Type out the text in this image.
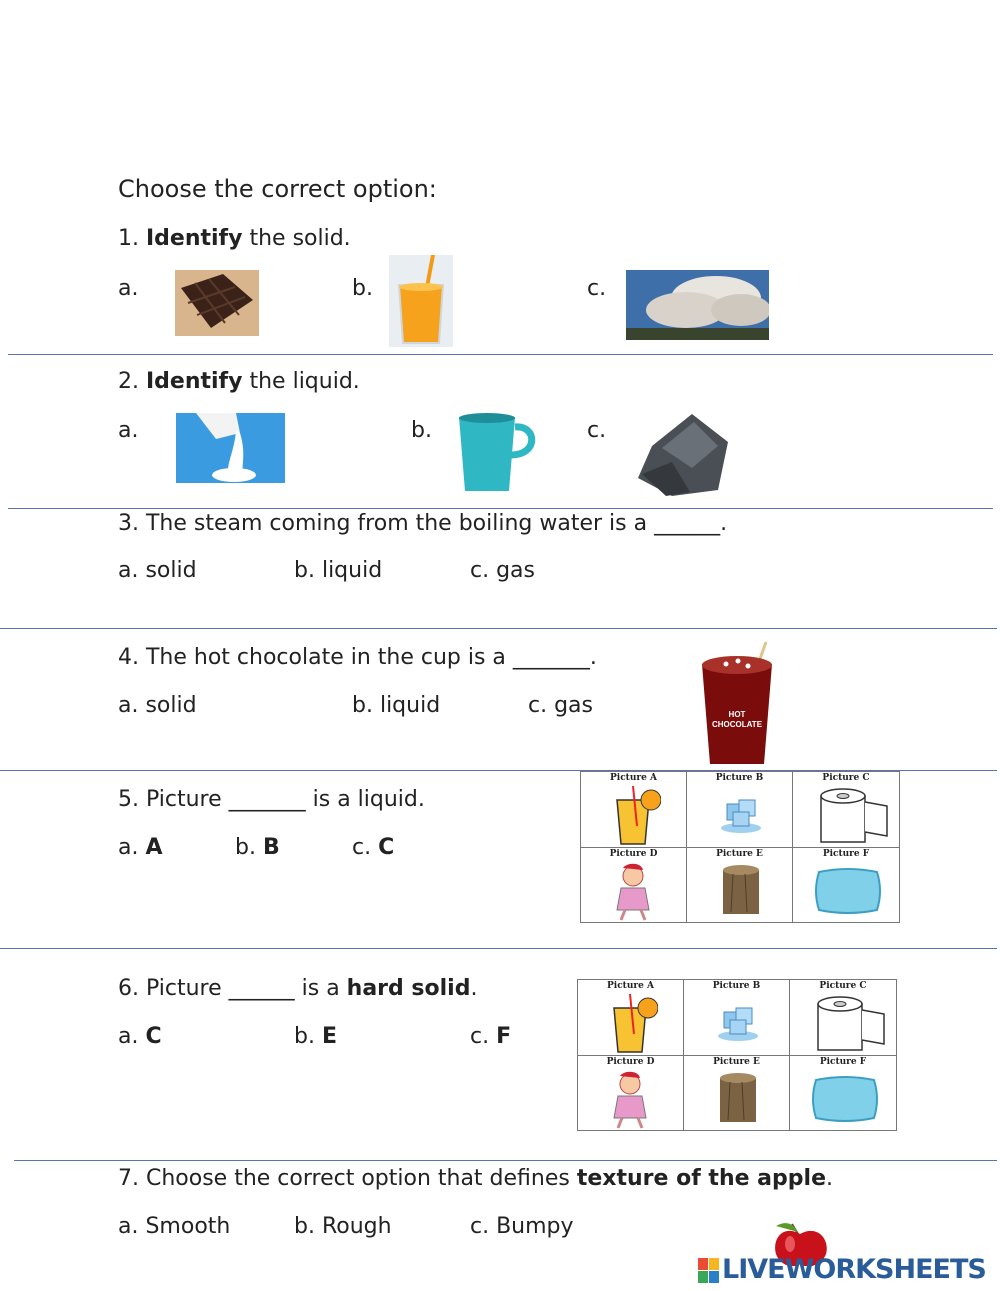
Choose the correct option:
1. Identify the solid.
a.	b.	c.
2. Identify the liquid.
a.	b.	c.
3. The steam coming from the boiling water is a ______.
a. solid	b. liquid	c. gas
4. The hot chocolate in the cup is a _______.
a. solid	b. liquid	c. gas	HOT
CHOCOLATE
5. Picture _______ is a liquid.
a. A	b. B	c. C
Picture A	Picture B	Picture C
Picture D	Picture E	Picture F
6. Picture ______ is a hard solid.
a. C	b. E	c. F
Picture A	Picture B	Picture C
Picture D	Picture E	Picture F
7. Choose the correct option that defines texture of the apple.
a. Smooth	b. Rough	c. Bumpy
LIVEWORKSHEETS
